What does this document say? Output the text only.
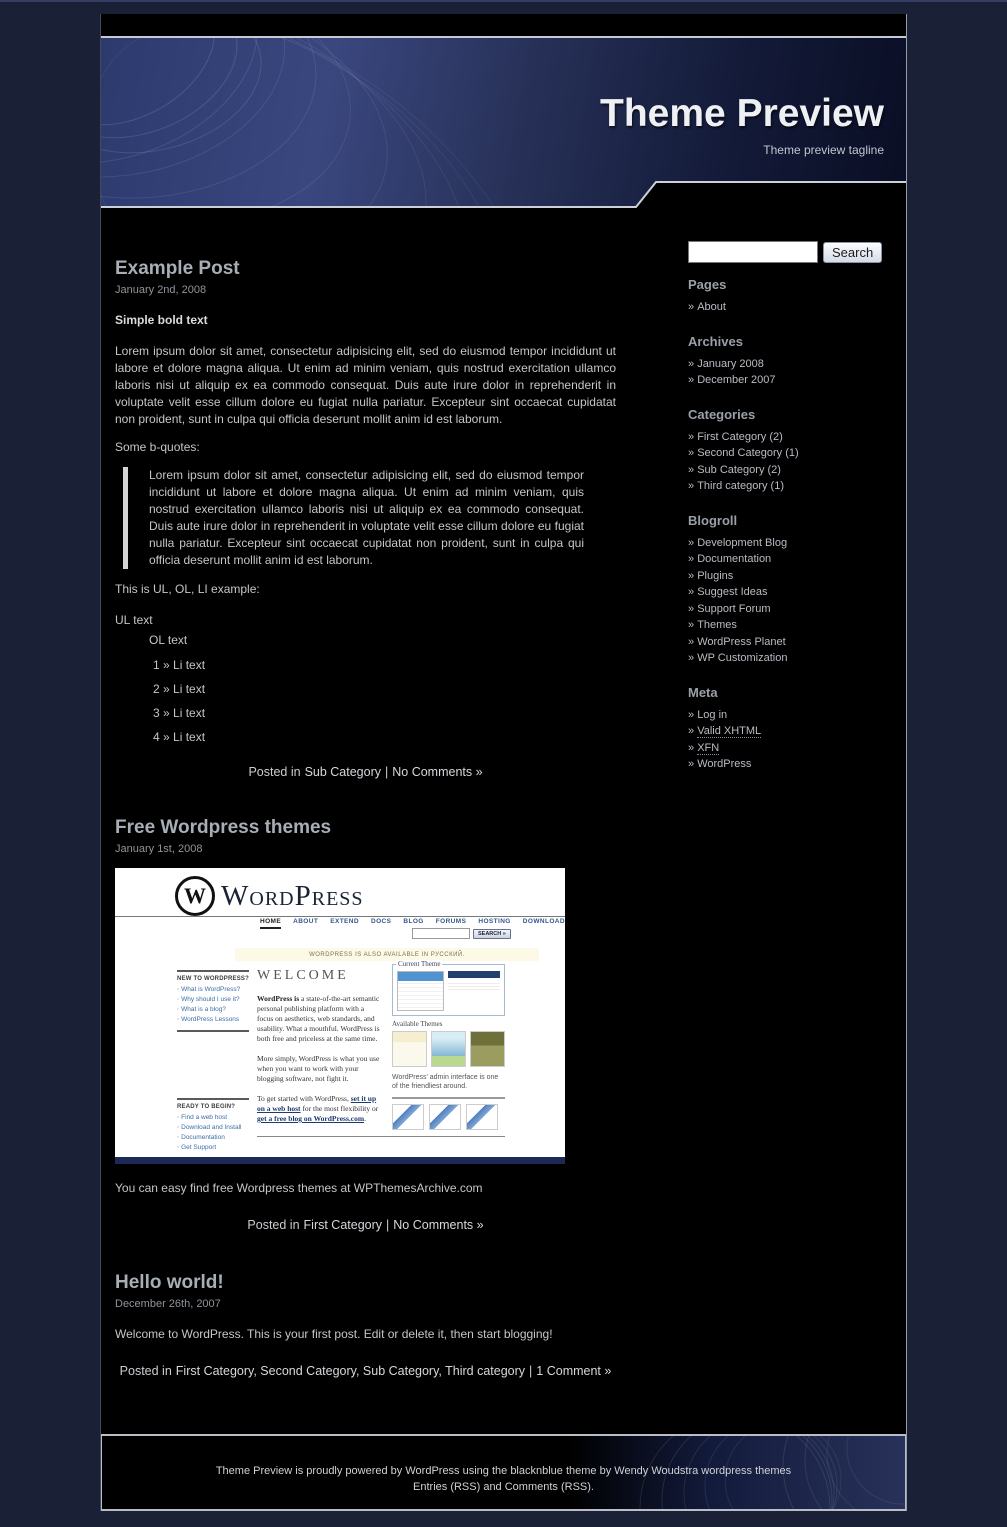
Theme Preview
Theme preview tagline
Example Post
January 2nd, 2008

Simple bold text

Lorem ipsum dolor sit amet, consectetur adipisicing elit, sed do eiusmod tempor incididunt ut labore et dolore magna aliqua. Ut enim ad minim veniam, quis nostrud exercitation ullamco laboris nisi ut aliquip ex ea commodo consequat. Duis aute irure dolor in reprehenderit in voluptate velit esse cillum dolore eu fugiat nulla pariatur. Excepteur sint occaecat cupidatat non proident, sunt in culpa qui officia deserunt mollit anim id est laborum.

Some b-quotes:

Lorem ipsum dolor sit amet, consectetur adipisicing elit, sed do eiusmod tempor incididunt ut labore et dolore magna aliqua. Ut enim ad minim veniam, quis nostrud exercitation ullamco laboris nisi ut aliquip ex ea commodo consequat. Duis aute irure dolor in reprehenderit in voluptate velit esse cillum dolore eu fugiat nulla pariatur. Excepteur sint occaecat cupidatat non proident, sunt in culpa qui officia deserunt mollit anim id est laborum.

This is UL, OL, LI example:

UL text
OL text
Li text
Li text
Li text
Li text

Posted in Sub Category | No Comments »

Free Wordpress themes
January 1st, 2008
W WordPress
HOME ABOUT EXTEND DOCS BLOG FORUMS HOSTING DOWNLOAD
SEARCH »
WORDPRESS IS ALSO AVAILABLE IN РУССКИЙ.
NEW TO WORDPRESS?
◦ What is WordPress?
◦ Why should I use it?
◦ What is a blog?
◦ WordPress Lessons
READY TO BEGIN?
◦ Find a web host
◦ Download and Install
◦ Documentation
◦ Get Support
WELCOME

WordPress is a state-of-the-art semantic personal publishing platform with a focus on aesthetics, web standards, and usability. What a mouthful. WordPress is both free and priceless at the same time.

More simply, WordPress is what you use when you want to work with your blogging software, not fight it.

To get started with WordPress, set it up on a web host for the most flexibility or get a free blog on WordPress.com.

Current Theme
Available Themes
WordPress' admin interface is one of the friendliest around.

You can easy find free Wordpress themes at WPThemesArchive.com

Posted in First Category | No Comments »

Hello world!
December 26th, 2007

Welcome to WordPress. This is your first post. Edit or delete it, then start blogging!

Posted in First Category, Second Category, Sub Category, Third category | 1 Comment »

Search
Pages
» About
Archives
» January 2008
» December 2007
Categories
» First Category (2)
» Second Category (1)
» Sub Category (2)
» Third category (1)
Blogroll
» Development Blog
» Documentation
» Plugins
» Suggest Ideas
» Support Forum
» Themes
» WordPress Planet
» WP Customization
Meta
» Log in
» Valid XHTML
» XFN
» WordPress
Theme Preview is proudly powered by WordPress using the blacknblue theme by Wendy Woudstra wordpress themes
Entries (RSS) and Comments (RSS).
